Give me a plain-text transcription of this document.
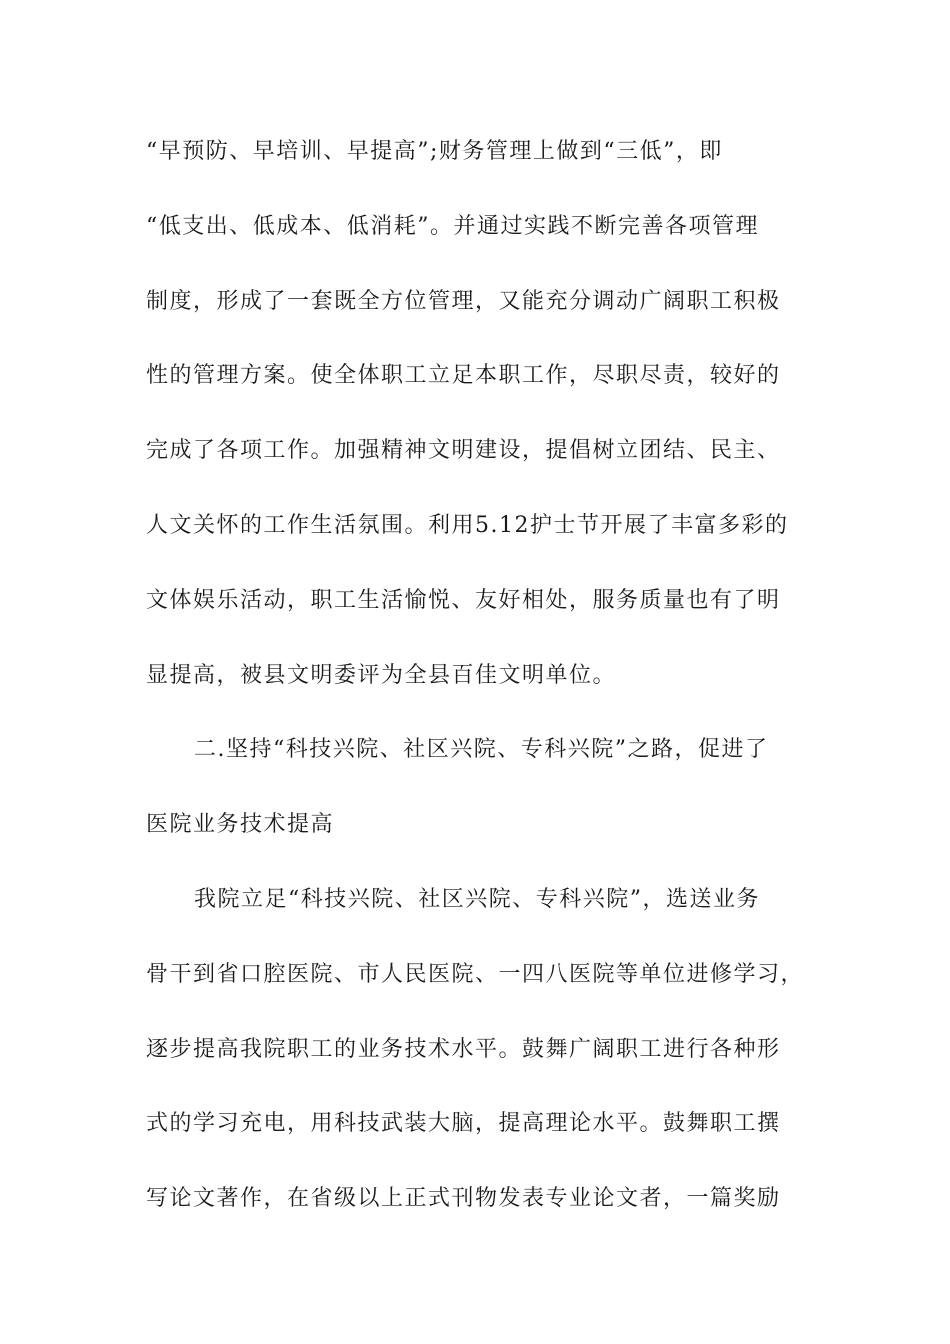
“早预防、早培训、早提高”;财务管理上做到“三低”，即
“低支出、低成本、低消耗”。并通过实践不断完善各项管理
制度，形成了一套既全方位管理，又能充分调动广阔职工积极
性的管理方案。使全体职工立足本职工作，尽职尽责，较好的
完成了各项工作。加强精神文明建设，提倡树立团结、民主、
人文关怀的工作生活氛围。利用5.12护士节开展了丰富多彩的
文体娱乐活动，职工生活愉悦、友好相处，服务质量也有了明
显提高，被县文明委评为全县百佳文明单位。
二.坚持“科技兴院、社区兴院、专科兴院”之路，促进了
医院业务技术提高
我院立足“科技兴院、社区兴院、专科兴院”，选送业务
骨干到省口腔医院、市人民医院、一四八医院等单位进修学习，
逐步提高我院职工的业务技术水平。鼓舞广阔职工进行各种形
式的学习充电，用科技武装大脑，提高理论水平。鼓舞职工撰
写论文著作，在省级以上正式刊物发表专业论文者，一篇奖励
